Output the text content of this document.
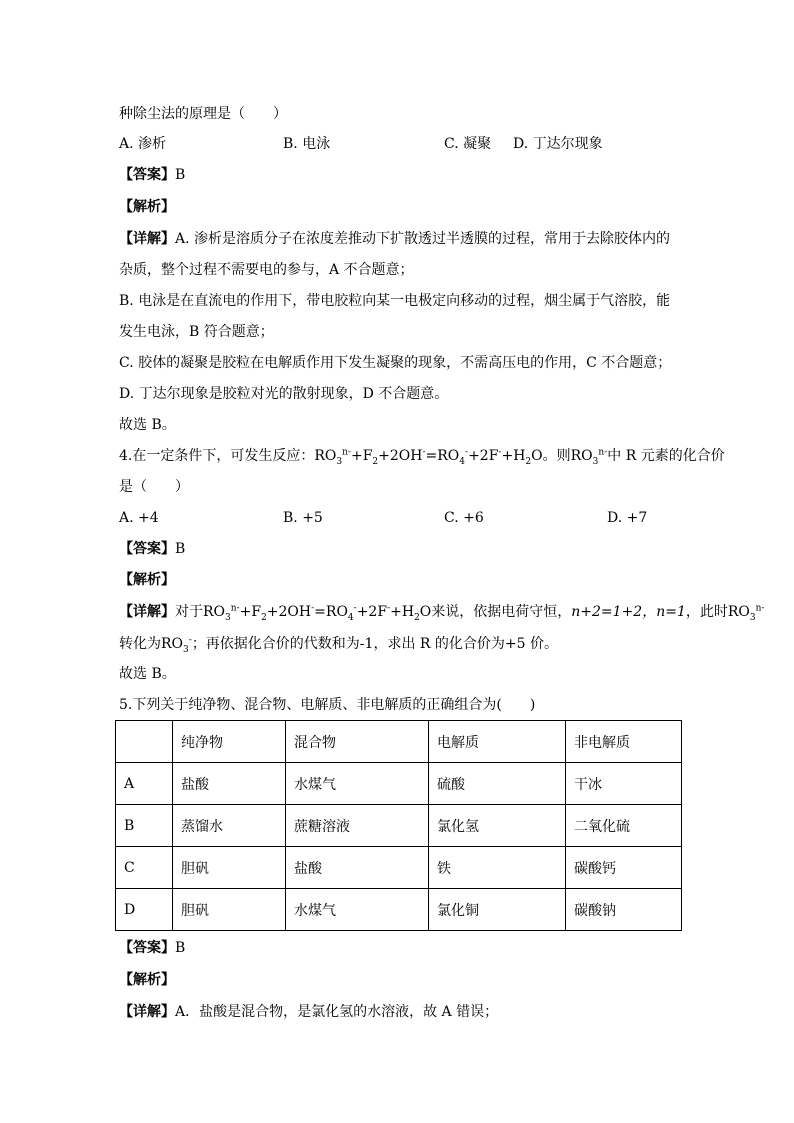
种除尘法的原理是（　　）
A. 渗析	B. 电泳	C. 凝聚 D. 丁达尔现象
【答案】B
【解析】
【详解】A. 渗析是溶质分子在浓度差推动下扩散透过半透膜的过程，常用于去除胶体内的
杂质，整个过程不需要电的参与，A 不合题意；
B. 电泳是在直流电的作用下，带电胶粒向某一电极定向移动的过程，烟尘属于气溶胶，能
发生电泳，B 符合题意；
C. 胶体的凝聚是胶粒在电解质作用下发生凝聚的现象，不需高压电的作用，C 不合题意；
D. 丁达尔现象是胶粒对光的散射现象，D 不合题意。
故选 B。
4.在一定条件下，可发生反应：$RO_3^{n-}+F_2+2OH^-=RO_4^-+2F^-+H_2O$。则$RO_3^{n-}$中 R 元素的化合价
是（　　）
A. +4	B. +5	C. +6	D. +7
【答案】B
【解析】
【详解】对于$RO_3^{n-}+F_2+2OH^-=RO_4^-+2F^-+H_2O$来说，依据电荷守恒，n+2=1+2，n=1，此时$RO_3^{n-}$
转化为$RO_3^-$；再依据化合价的代数和为-1，求出 R 的化合价为+5 价。
故选 B。
5.下列关于纯净物、混合物、电解质、非电解质的正确组合为(　　)
	纯净物	混合物	电解质	非电解质
A	盐酸	水煤气	硫酸	干冰
B	蒸馏水	蔗糖溶液	氯化氢	二氧化硫
C	胆矾	盐酸	铁	碳酸钙
D	胆矾	水煤气	氯化铜	碳酸钠
【答案】B
【解析】
【详解】A．盐酸是混合物，是氯化氢的水溶液，故 A 错误；
